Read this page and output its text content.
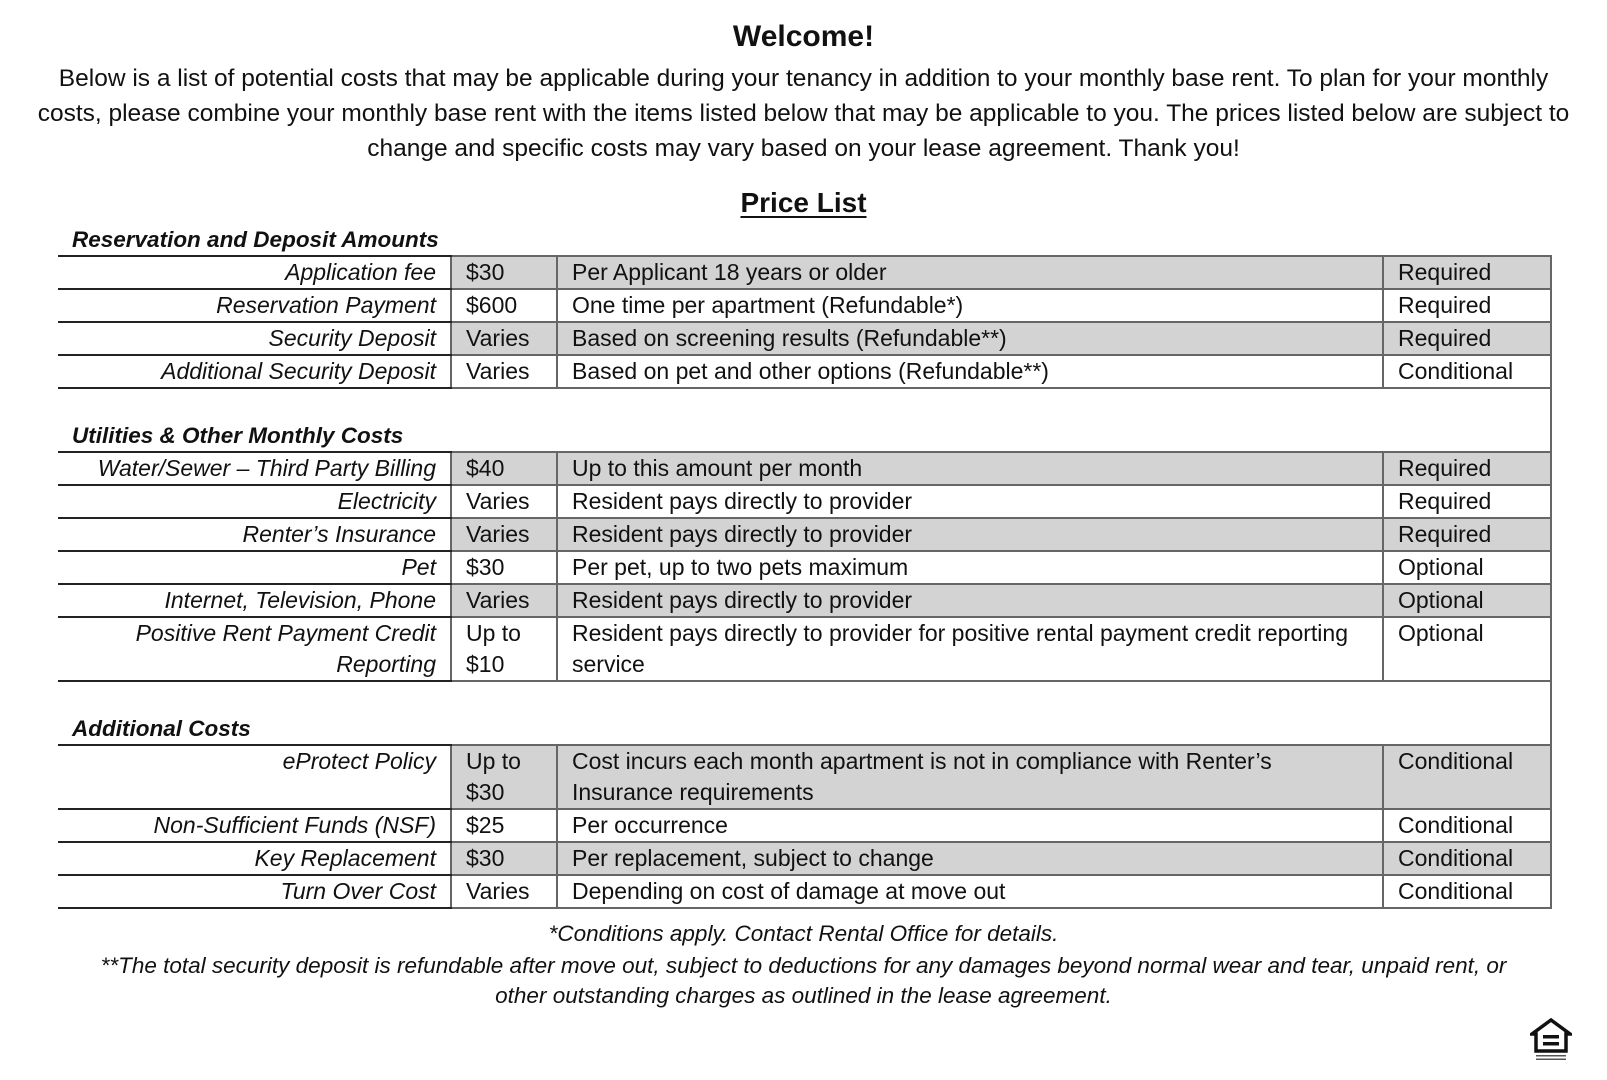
Welcome!
Below is a list of potential costs that may be applicable during your tenancy in addition to your monthly base rent. To plan for your monthly costs, please combine your monthly base rent with the items listed below that may be applicable to you. The prices listed below are subject to change and specific costs may vary based on your lease agreement. Thank you!
Price List
Reservation and Deposit Amounts			
Application fee	$30	Per Applicant 18 years or older	Required
Reservation Payment	$600	One time per apartment (Refundable*)	Required
Security Deposit	Varies	Based on screening results (Refundable**)	Required
Additional Security Deposit	Varies	Based on pet and other options (Refundable**)	Conditional

Utilities & Other Monthly Costs			
Water/Sewer – Third Party Billing	$40	Up to this amount per month	Required
Electricity	Varies	Resident pays directly to provider	Required
Renter’s Insurance	Varies	Resident pays directly to provider	Required
Pet	$30	Per pet, up to two pets maximum	Optional
Internet, Television, Phone	Varies	Resident pays directly to provider	Optional
Positive Rent Payment Credit Reporting	Up to $10	Resident pays directly to provider for positive rental payment credit reporting service	Optional

Additional Costs			
eProtect Policy	Up to $30	Cost incurs each month apartment is not in compliance with Renter’s Insurance requirements	Conditional
Non-Sufficient Funds (NSF)	$25	Per occurrence	Conditional
Key Replacement	$30	Per replacement, subject to change	Conditional
Turn Over Cost	Varies	Depending on cost of damage at move out	Conditional
*Conditions apply. Contact Rental Office for details.
**The total security deposit is refundable after move out, subject to deductions for any damages beyond normal wear and tear, unpaid rent, or other outstanding charges as outlined in the lease agreement.
